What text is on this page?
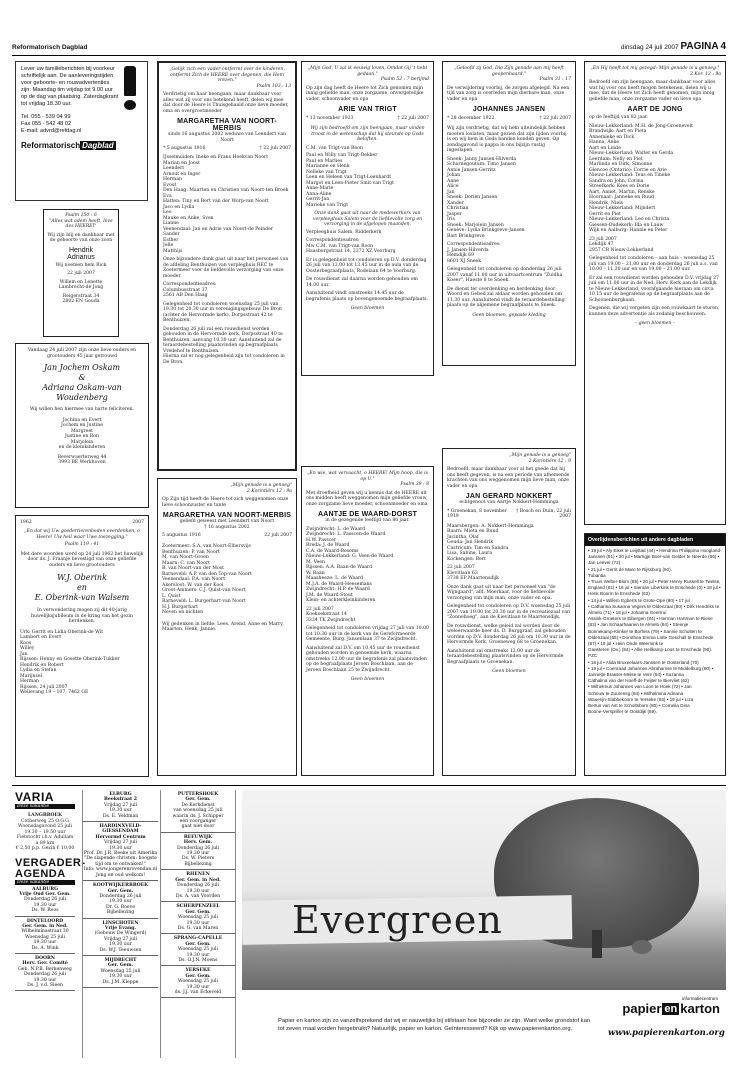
Reformatorisch Dagblad	dinsdag 24 juli 2007 PAGINA 4
Lever uw familieberichten bij voorkeur schriftelijk aan. De aanleveringstijden voor geboorte- en rouwadvertenties zijn: Maandag tim vrijdag tot 9.00 uur op de dag van plaatsing. Zaterdagkrant tot vrijdag 18.30 uur.
Tel. 055 - 539 04 99
Fax 055 - 542 48 02
E-mail: advrd@refdag.nl
Reformatorisch Dagblad
Psalm 150 : 6
"Alles wat adem heeft, love des HEEREI"
Wij zijn blij en dankbaar met de geboorte van onze zoon
Hendrik
Adrianus
Wij noemen hem Rick
22 juli 2007
Willem en Lenette Lambrecht-de Jong
Reigerstraat 34
2802 EN Gouda
Vandaag 24 juli 2007 zijn onze lieve ouders en grootouders 45 jaar getrouwd
Jan Jochem Oskam
&
Adriana Oskam-van Woudenberg
Wij willen hen hiermee van harte feliciteren.
Jochina en Evert
Jochem en Justine
Margreet
Justine en Ron
Marjolein
en de kleinkinderen
Beverwaerterweg 44
3993 BE Werkhoven
1962	2007
„En dat wij Uw goedertierenheden overdenken, o Heere! Uw heil waar Uwe toezegging."
Psalm 119 : 41
Met dere woorden werd op 24 juli 1962 het huwelijk door ds. J. Fraanje bevestigd van onze geliefde ouders en lieve grootouders
W.J. Oberink
en
E. Oberink-van Walsem
In verwondering mogen zij dit 40-jarig huwelijksjubileum in de kring van het gezin herdenken.
Urk: Gerrit en Lidia Oberink-de Wit
Lambert en Evert
Koos
Willey
Jan
Rijssen: Henny en Gosette Oberink-Tukker
Hendrik en Robert
Lydia en Stefan
Marijnsel
Herman
Rijssen, 24 juli 2007
Wellevang 19 – 107, 7462 GE
„Gelijk zich een vader ontfermt over de kinderen, ontfermt Zich de HEERE over degenen, die Hem vrezen."
Psalm 103 : 13
Verdrietig om haar heengaan, maar dankbaar voor alles wat zij voor ons betekend heeft, delen wij mee dat door de Heere is Thuisgehaald onze lieve moeder, oma en overgrootmoeder
MARGARETHA VAN NOORT-MERBIS
sinds 16 augustus 2002 weduwe van Leendert van Noort
* 5 augustus 1916	† 22 juli 2007
IJsselmuiden: Ineke en Frans Hoekvan Noort
Marian en Joost
Leendert
Arnout en Inger
Herman
Evout
Den Haag: Maarten en Christien van Noort-ten Broek
Eva
Hatten: Tiny en Bert van der Worp-van Noort
Jaco en Lydia
Leo
Mauke en Anke, Sven
Lianne
Veenendaal: Jan en Adrie van Noort-de Peinder
Sander
Esther
Jelle
Matthijs
Onze bijzondere dank gaat uit naar het personeel van de afdeling Benthuizen van verpleghuis REC te Zoetermeer voor de liefdevolle verzorging van onze moeder.
Correspondentieadres:
Columbusstraat 37
2561 AB Den Haag
Gelegenheid tot condoleren woensdag 25 juli van 19.30 tot 20.30 uur in verenigingsgebouw De Bron (achter de Hervormde kerk), Dorpsstraat 42 te Benthuizen.
Donderdag 26 juli zal een rouwdienst worden gehouden in de Hervormde kerk, Dorpsstraat 40 te Benthuizen, aanvang 10.30 uur. Aansluitend zal de teraardebestelling plaatsvinden op begraafplaats Vredehof te Benthuizen.
Hierna zal er nog gelegenheid zijn tot condoleren in De Bron.
„Mijn genade is u genoeg"
2 Korintiërs 12 : 9a
Op Zijn tijd heeft de Heere tot zich weggenomen onze lieve schoonzuster en tante
MARGARETHA VAN NOORT-MERBIS
geliefd geweest met Leendert van Noort
† 16 augustus 2002
5 augustus 1916	22 juli 2007
Zoetermeer: S.A. van Noort-Elbersvijs
Benthuizen: P. van Noort
M. van Noort-Groen
Maarn: C. van Noort
B. van Noort-van der Most
Barneveld: A.P. van den Top-van Noort
Veenendaal: P.A. van Noort
Akersloot: W. van der Kooi
Groot-Ammers: C.J. Quist-van Noort
L. Quist
Barneveld: L. Burgerhart-van Noort
H.J. Burgerhart
Neven en nichten
Wij gedenken in liefde: Lees, Arend, Anne en Marry, Maarten, Henk, Jannie.
„Mijn God, U zal ik eeuwig loven, Omdat Gij 't hebt gedaan."
Psalm 52 : 7 berijmd
Op zijn dag heeft de Heere tot Zich genomen mijn innig geliefde man, onze zorgzame, onvergetelijke vader, schoonvader en opa
ARIE VAN TRIGT
* 13 november 1923	† 22 juli 2007
Wij zijn bedroefd om zijn heengaan, maar vinden troost in de wetenschap dat hij steunde op Gods beloften.
C.M. van Trigt-van Roon
Paul en Willy van Trigt-Dekker
Paul en Marlies
Marianne en Henk
Nelleke van Trigt
Leen en Heleen van Trigt-Leenhardt
Margot en Leen-Pieter Smit-van Trigt
Anne-Marie
Anna-Aline
Gerrit-Jan
Marieke van Trigt
Onze dank gaat uit naar de medewerkers van verpleeghuis Salem voor de liefdevolle zorg en verzorging in de afgelopen maanden.
Verpleeghuis Salem, Ridderkerk
Correspondentieadres:
Mw C.M. van Trigt-van Roon
Haasburgstraat 14, 2372 XZ Voorburg
Er is gelegenheid tot condoleren op D.V. donderdag 26 juli van 13.00 tot 13.45 uur in de aula van de Oosterbegraafplaats, Rodelaan 64 te Voorburg.
De rouwdienst zal daarna worden gehouden om 14.00 uur.
Aansluitend vindt omstreeks 14.45 uur de begrafenis plaats op bovengenoemde begraafplaats.
Geen bloemen
„En wie, wat vervaacht, o HEERE! Mijn hoop, die is op U."
Psalm 39 : 8
Met droefheid geven wij u kennis dat de HEERE uit ons midden heeft weggenomen mijn geliefde vrouw, onze zorgzame lieve moeder, schoonmoeder en oma
AANTJE DE WAARD-DORST
in de gezegende leeftijd van 86 jaar.
Zwijndrecht: L. de Waard
Zwijndrecht: L. Passcen-de Waard
H.W. Passcer
Breda: J. de Waard
C.A. de Waard-Besems
Nieuw-Lekkerland: G. Veen-de Waard
M. Veen
Rijssen: A.A. Baan-de Waard
W. Baan
Maasheeze: L. de Waard
M.J.A. de Waard-Heesemans
Zwijndrecht: H.P. de Waard
J.M. de Waard-Stout
Klein- en achterkleinkinderen
22 juli 2007
Koekoekstraat 14
3334 TK Zwijndrecht
Gelegenheid tot condoleren vrijdag 27 juli van 10.00 tot 10.30 uur in de kerk van de Gereformeerde Gemeente, Burg. Jansenlaan 37 te Zwijndrecht.
Aansluitend zal D.V. om 10.45 uur de rouwdienst gehouden worden in genoemde kerk, waarna omstreeks 12.00 uur de begrafenis zal plaatsvinden op de begraafplaats Jeroen Boschlaan, aan de Jeroen Boschlaan 25 te Zwijndrecht.
Geen bloemen
„Geloofd zij God, Die Zijn genade aan mij heeft geopenbaard."
Psalm 31 : 17
De verwijdering voorbij, de zorgen afgelegd. Na een tijd van zorg is overleden mijn dierbare man, onze vader en opa
JOHANNES JANSEN
* 28 december 1922	† 22 juli 2007
Wij zijn verdrietig, dat wij hem uiteindelijk hebben moeten loslaten, maar gezien dat zijn lijden voorbij is en wij hem in Gods handen konden geven. Op zondagavond is pappa in ons bijzijn rustig ingeslapen.
Sneek: Janny Jansen-Hilverda
Scharnegoutum: Timo Jansen
Annie Jansen-Gerritz
Johan
Anne
Alice
Jan
Sneek: Dorien Jansen
Xander
Christian
Jasper
Iris
Sneek: Marjolein Jansen
Genève: Lydia Brinkgreve-Jansen
Bart Brinkgreve
Correspondentieadres:
J. Jansen-Hilverda
Hemdijk 69
8601 XJ Sneek
Gelegenheid tot condoleren op donderdag 26 juli 2007 vanaf 11.00 uur in uitvaartcentrum "Zuidha Koeer", Haeste 8 te Sneek.
De dienst ter overdenking en herdenking door Woord en Gebed zal aldaar worden gehouden om 11.30 uur. Aansluitend vindt de teraardebestelling plaats op de algemene begraafplaats te Sneek.
Geen bloemen, gepaste kleding
„Mijn genade is u genoeg"
2 Korintiërs 12 : 9
Bedroefd, maar dankbaar voor al het goede dat hij ons heeft gegeven, is na een periode van afnemende krachten van ons weggenomen mijn lieve man, onze vader en opa
JAN GERARD NOKKERT
echtgenoot van Aartje Nokkert-Hemminga
* Groenekan, 8 november 1919
† Bosch en Duin, 22 juli 2007
Maarsbergen: A. Nokkert-Hemminga
Baarn: Mieta en Ruud
Jacintha, Olaf
Gouda: Jan Hendrik
Castricum: Tim en Sandra
Lisa, Sabine, Laura
Kockengen: Bert
22 juli 2007
Kievitlaan 63
3738 EP Maartensdijk
Onze dank gaat uit naar het personeel van "de Wijngaard", afd. Moerkaar, voor de liefdevolle verzorging van mijn man, onze vader en opa.
Gelegenheid tot condoleren op D.V. woensdag 25 juli 2007 van 19.00 tot 20.30 uur in de recreatiezaal van "Zonnehoeg", aan de Kievitlaan te Maartensdijk.
De rouwdienst, welke geleid zal worden door de weleerwaarde heer ds. D. Burggraaf, zal gehouden worden op D.V. donderdag 26 juli om 10.30 uur in de Hervormde Kerk, Groeneweg 68 te Groenekan.
Aansluitend zal omstreeks 12.00 uur de teraardebestelling plaatsvinden op de Hervormde Begraafplaats te Groenekan.
Geen bloemen
„En Hij heeft tot mij gezegd: Mijn genade is u genoeg."
2 Kor. 12 : 9a
Bedroefd om zijn heengaan, maar dankbaar voor alles wat hij voor ons heeft mogen betekenen, delen wij u mee, dat de Heere tot Zich heeft genomen, mijn innig geliefde man, onze zorgzame vader en lieve opa
AART DE JONG
op de leeftijd van 82 jaar.
Nieuw-Lekkerland: M.H. de Jong-Groenevelt
Brandwijk: Aart en Pieta
Annemieke en Dick
Hanna, Anke
Aart en Linde
Nieuw-Lekkerland: Walter en Gerda
Leerdam: Nelly en Piet
Marlinda en Dirk, Simonne
Glencoe (Ontario): Corrie en Arie
Nieuw-Lekkerland: Teus en Tineke
Sandra en John, Corina
Streefkerk: Kees en Dorie
Aart, Annet, Martin, Renske
Hoornaar: Janneke en Ruud
Hendrik, Niels
Nieuw-Lekkerland: Mijndert
Gerrit en Piet
Nieuw-Lekkerland: Leo en Christa
Giessen-Oudekerk: Ida en Lauw
Wijk en Aalburg: Hannie en Peter
23 juli 2007
Lekdijk 47
2957 CB Nieuw-Lekkerland
Gelegenheid tot condoleren – aan huis – woensdag 25 juli van 19.00 – 21.00 uur en donderdag 26 juli a.s. van 10.00 – 11.30 uur en van 19.00 – 21.00 uur.
Er zal een rouwdienst worden gehouden D.V. vrijdag 27 juli om 11.00 uur in de Ned. Herv. Kerk aan de Lekdijk te Nieuw-Lekkerland, voorafgaande hieraan om circa 10.15 uur de begrafenis op de begraafplaats aan de Schoonenburgkaan.
Degenen, die wij vergeten zijn een rouwkaart te sturen, kunnen deze advertentie als zodanig beschouwen.
– geen bloemen –
Overlijdensberichten uit andere dagbladen
• 19 jul • Aly Eikel te Leijstad (44) • Hendrina Philippina Hoogland-Janssen (91) • 20 jul • Marrigje Boer-van Gelder te Neerde (66) • Jan Leever (72)
• 21 jul • Gerrit de Mare te Rijssburg (92).
Tubantia
• Truus Weber-Blom (85) • 20 jul • Peter Henry Russell te Twelse, England (81) • 16 jul • Sieman Liberkink te Enschede (0) • 18 jul • Henk Boorm te Enschede (62)
• 14 jul • Willem Egberts te Grote-Ope (90) • 17 jul
• Catharina Susanna Vegers te Oldenzaal (80) • Dirk Hendriks te Almelo (71) • 18 jul • Johanna Geertruí
Assink-Groeters te Eibergen (84) • Herman Hartman te Rieve (83) • Jan Schaarhaanen te Almelo (84) • Steenje
Bonnekamp-Klinker te Borhiss (79) • Sannie Scholten te Oldenzaal (65) • Dorothea Emma Lotte Geschall te Enschede (87) • 19 jul • Hein Onde Weernink te
Gaasteren (Ov.) (84) • Allie Hellkamp-Loos te Enschede (90).
PZC
• 18 jul • Alida Bruxeelaars-Janssen te Oosterland (70)
• 19 jul • Coenraad Johannes Abrahamse te Middelburg (80) • Jannetje Brasser-Melse te Vere (94) • Suzanna
Cathalina van der Hoeff-de Feijter te Biervliet (62)
• Wilhelmus Johannes van Loon te Hoek (72) • Jan
Schouw te Zuurensg (84) • Wilhelmina Adriana
Wauerijn-Slabbekoorn te Yerseke (93) • 19 jul • Liza
Bertus van Ast te Scholtsborn (80) • Cornelia Dina
Boone-Verspriller te Oostdijk (69).
VARIA
Deze vakantie
LANGBROEK
Cotherweg 25 O.G.G
Woensdagavond 25 juli
19.30 – 19.50 uur
Fietstocht i.h.v. Adullam
a 89 km
€ 2,50 p.p. Gezin € 10,00
VERGADER-AGENDA
Deze vakantie
AALBURG
Vrije Oud Ger. Gem.
Donderdag 26 juli
19.30 uur
Ds. W. Roos
DINTELOORD
Ger. Gem. in Ned.
Wilhelminastraat 30
Woensdag 25 juli
19.30 uur
Ds. A. Wink
DOORN
Herv. Ger. Comité
Geb. N.P.B. Berkenweg
Donderdag 26 juli
19.30 uur
Ds. J. v.d. Sleen
ELBURG
Beekstraat 2
Vrijdag 27 juli
19.30 uur
Ds. E. Veldman
HARDINXVELD-GIESSENDAM
Hervormd Centrum
Vrijdag 27 juli
19.30 uur
Prof. Dr. J.R. Beeke uit Amerika
"De slapende christen: hoogste tijd om te ontwaken!"
Info: www.jongerenrovendan.nl
Jong en oud welkom!
KOOTWIJKERBROEK
Ger. Gem.
Donderdag 26 juli
19.30 uur
Dr. G. Boeve
Bijbellezing
LINSCHOTEN
Vrije Evang.
(Gebouw De Wingerd)
Vrijdag 27 juli
19.30 uur
Ds. W.J. Teeuwsen
MIJDRECHT
Ger. Gem.
Woensdag 25 juli
19.30 uur
Ds. J.M. Kleppe
PUTTERSHOEK
Ger. Gem.
De Kerkdienst
van woensdag 25 juli
waarin ds. J. Schipper
een voorganger
gaat niet door
REEUWIJK
Herv. Gem.
Donderdag 26 juli
19.30 uur
Ds. W. Pieters
Bijbellezing
RHENEN
Ger. Gem. in Ned.
Donderdag 26 juli
19.30 uur
Ds. A. van Voorden
SCHERPENZEEL
Ger. Gem.
Woensdag 25 juli
19.30 uur
Ds. G. van Maren
SPRANG-CAPELLE
Ger. Gem.
Woensdag 25 juli
19.30 uur
Ds. O.J.N. Moens
YERSEKE
Ger. Gem.
Woensdag 25 juli
19.30 uur
ds. J.J. van Eckeveld
Evergreen
Papier en karton zijn zo vanzelfsprekend dat wij er nauwelijks bij stilstaan hoe bijzonder ze zijn. Want welke grondstof kan tot zeven maal worden hergebruikt? Natuurlijk, papier en karton. Geïnteresseerd? Kijk op www.papierenkarton.org.
informatiecentrum
papier en karton
www.papierenkarton.org
